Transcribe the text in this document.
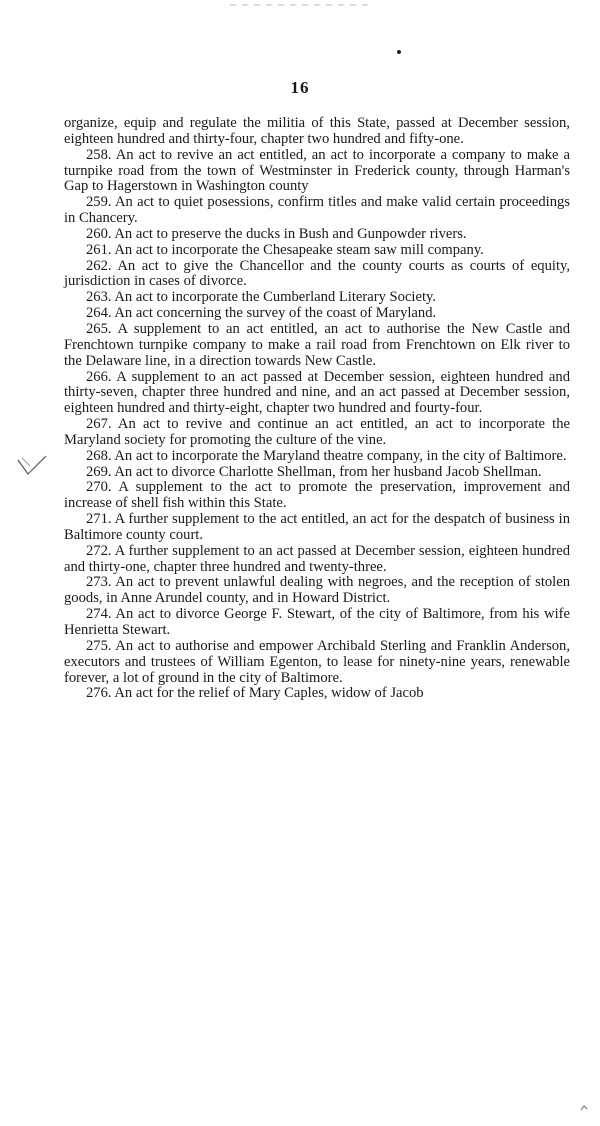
16

organize, equip and regulate the militia of this State, passed at December session, eighteen hundred and thirty-four, chapter two hundred and fifty-one.

258. An act to revive an act entitled, an act to incorporate a company to make a turnpike road from the town of Westminster in Frederick county, through Harman's Gap to Hagerstown in Washington county

259. An act to quiet posessions, confirm titles and make valid certain proceedings in Chancery.

260. An act to preserve the ducks in Bush and Gunpowder rivers.

261. An act to incorporate the Chesapeake steam saw mill company.

262. An act to give the Chancellor and the county courts as courts of equity, jurisdiction in cases of divorce.

263. An act to incorporate the Cumberland Literary Society.

264. An act concerning the survey of the coast of Maryland.

265. A supplement to an act entitled, an act to authorise the New Castle and Frenchtown turnpike company to make a rail road from Frenchtown on Elk river to the Delaware line, in a direction towards New Castle.

266. A supplement to an act passed at December session, eighteen hundred and thirty-seven, chapter three hundred and nine, and an act passed at December session, eighteen hundred and thirty-eight, chapter two hundred and fourty-four.

267. An act to revive and continue an act entitled, an act to incorporate the Maryland society for promoting the culture of the vine.

268. An act to incorporate the Maryland theatre company, in the city of Baltimore.

269. An act to divorce Charlotte Shellman, from her husband Jacob Shellman.

270. A supplement to the act to promote the preservation, improvement and increase of shell fish within this State.

271. A further supplement to the act entitled, an act for the despatch of business in Baltimore county court.

272. A further supplement to an act passed at December session, eighteen hundred and thirty-one, chapter three hundred and twenty-three.

273. An act to prevent unlawful dealing with negroes, and the reception of stolen goods, in Anne Arundel county, and in Howard District.

274. An act to divorce George F. Stewart, of the city of Baltimore, from his wife Henrietta Stewart.

275. An act to authorise and empower Archibald Sterling and Franklin Anderson, executors and trustees of William Egenton, to lease for ninety-nine years, renewable forever, a lot of ground in the city of Baltimore.

276. An act for the relief of Mary Caples, widow of Jacob
